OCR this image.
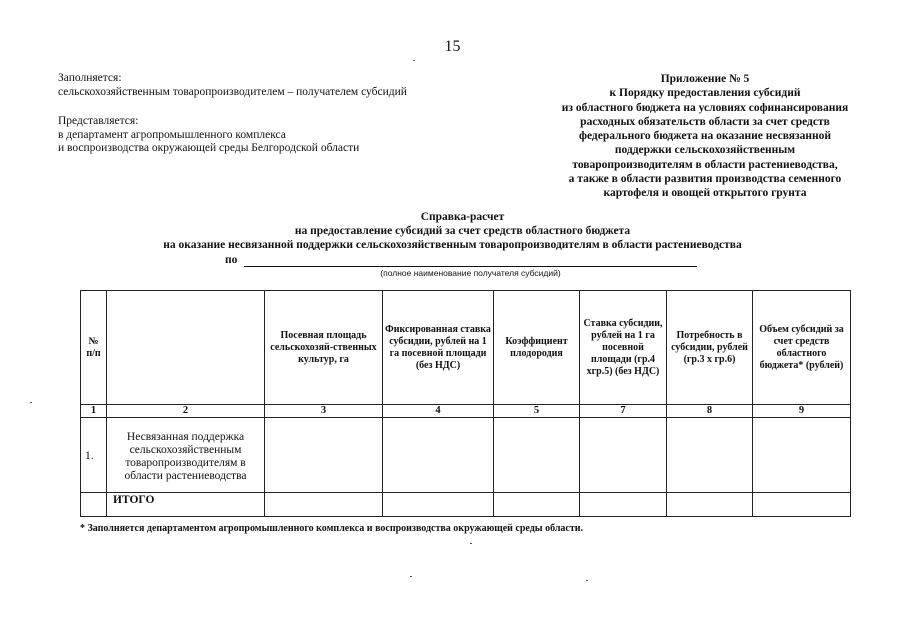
15
Заполняется:
сельскохозяйственным товаропроизводителем – получателем субсидий
Представляется:
в департамент агропромышленного комплекса
и воспроизводства окружающей среды Белгородской области
Приложение № 5
к Порядку предоставления субсидий
из областного бюджета на условиях софинансирования
расходных обязательств области за счет средств
федерального бюджета на оказание несвязанной
поддержки сельскохозяйственным
товаропроизводителям в области растениеводства,
а также в области развития производства семенного
картофеля и овощей открытого грунта
Справка-расчет
на предоставление субсидий за счет средств областного бюджета
на оказание несвязанной поддержки сельскохозяйственным товаропроизводителям в области растениеводства
по
(полное наименование получателя субсидий)
№ п/п		Посевная площадь сельскохозяй-ственных культур, га	Фиксированная ставка субсидии, рублей на 1 га посевной площади (без НДС)	Коэффициент плодородия	Ставка субсидии, рублей на 1 га посевной площади (гр.4 хгр.5) (без НДС)	Потребность в субсидии, рублей (гр.3 х гр.6)	Объем субсидий за счет средств областного бюджета* (рублей)
1	2	3	4	5	7	8	9
1.	Несвязанная поддержка сельскохозяйственным товаропроизводителям в области растениеводства						
	ИТОГО						
* Заполняется департаментом агропромышленного комплекса и воспроизводства окружающей среды области.
